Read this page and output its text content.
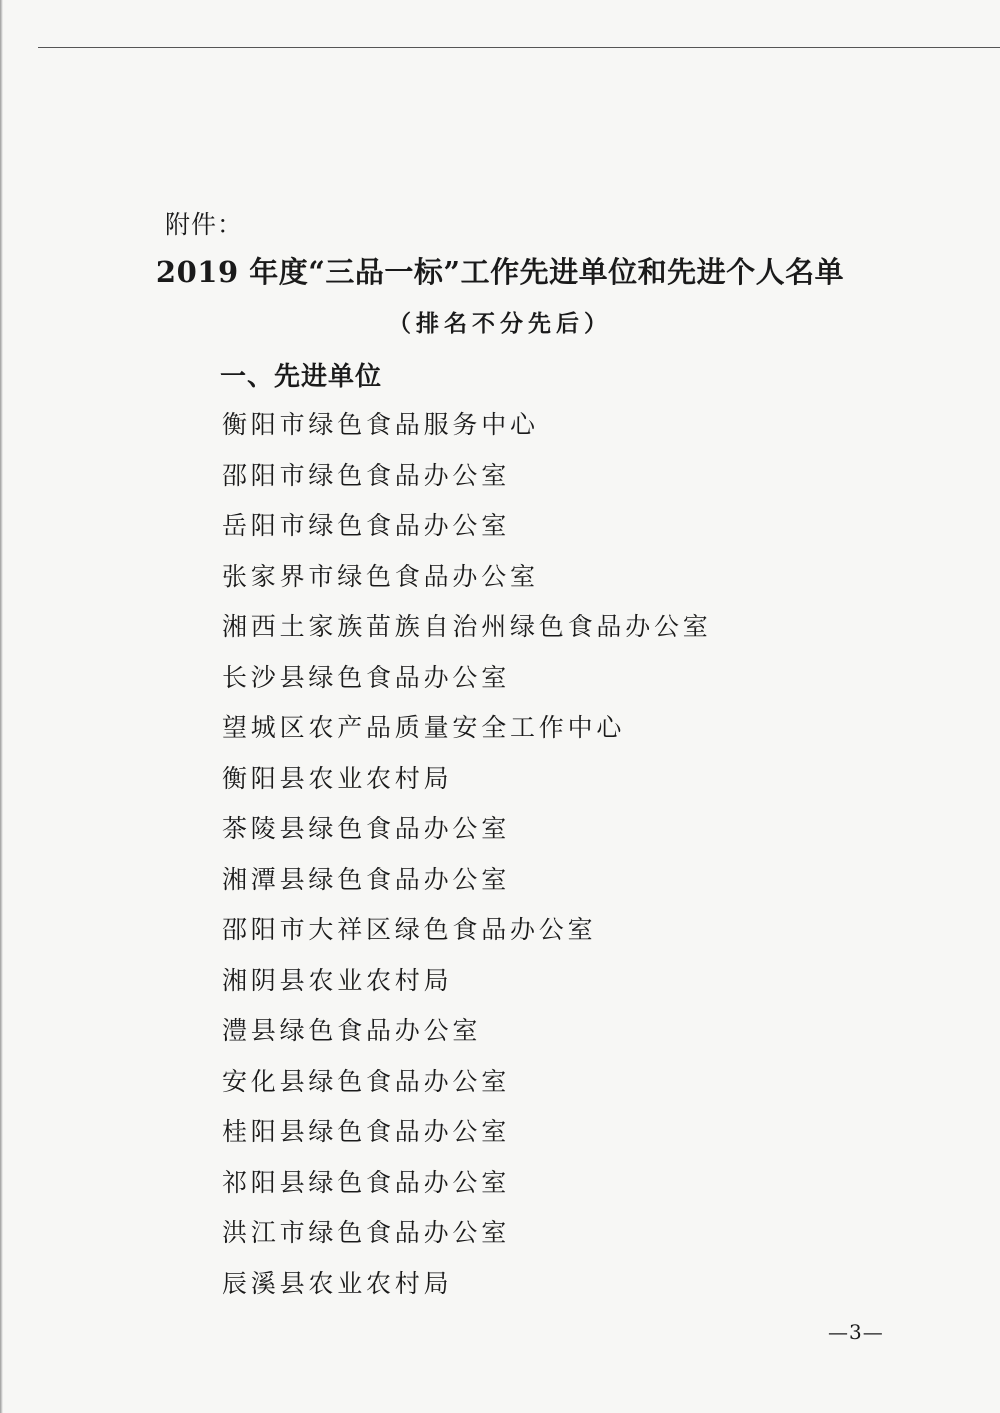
附件：
2019 年度“三品一标”工作先进单位和先进个人名单
（排名不分先后）
一、先进单位
衡阳市绿色食品服务中心
邵阳市绿色食品办公室
岳阳市绿色食品办公室
张家界市绿色食品办公室
湘西土家族苗族自治州绿色食品办公室
长沙县绿色食品办公室
望城区农产品质量安全工作中心
衡阳县农业农村局
茶陵县绿色食品办公室
湘潭县绿色食品办公室
邵阳市大祥区绿色食品办公室
湘阴县农业农村局
澧县绿色食品办公室
安化县绿色食品办公室
桂阳县绿色食品办公室
祁阳县绿色食品办公室
洪江市绿色食品办公室
辰溪县农业农村局
—3—
